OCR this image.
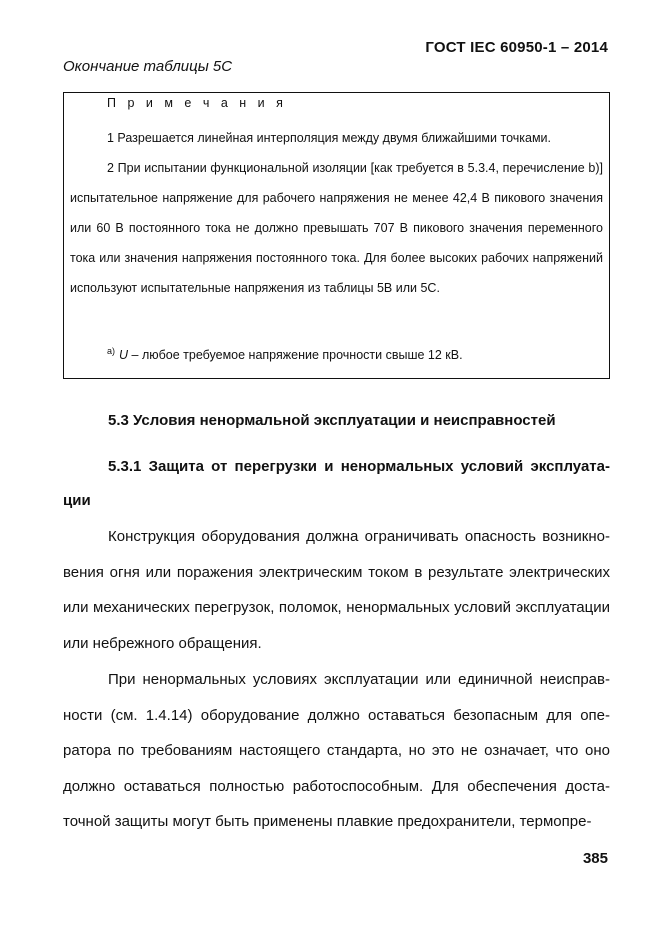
ГОСТ IEC 60950-1 – 2014
Окончание таблицы 5С
П р и м е ч а н и я

1 Разрешается линейная интерполяция между двумя ближайшими точками.

2 При испытании функциональной изоляции [как требуется в 5.3.4, перечисление b)] испытательное напряжение для рабочего напряжения не менее 42,4 В пикового значения или 60 В постоянного тока не должно превышать 707 В пикового значения переменного тока или значения напряжения постоянного тока. Для более высоких рабочих напряжений используют испытательные напряжения из таблицы 5В или 5С.

$^{a)}$ U – любое требуемое напряжение прочности свыше 12 кВ.
5.3 Условия ненормальной эксплуатации и неисправностей
5.3.1 Защита от перегрузки и ненормальных условий эксплуатации

Конструкция оборудования должна ограничивать опасность возникновения огня или поражения электрическим током в результате электрических или механических перегрузок, поломок, ненормальных условий эксплуатации или небрежного обращения.

При ненормальных условиях эксплуатации или единичной неисправности (см. 1.4.14) оборудование должно оставаться безопасным для оператора по требованиям настоящего стандарта, но это не означает, что оно должно оставаться полностью работоспособным. Для обеспечения достаточной защиты могут быть применены плавкие предохранители, термопре-

385
